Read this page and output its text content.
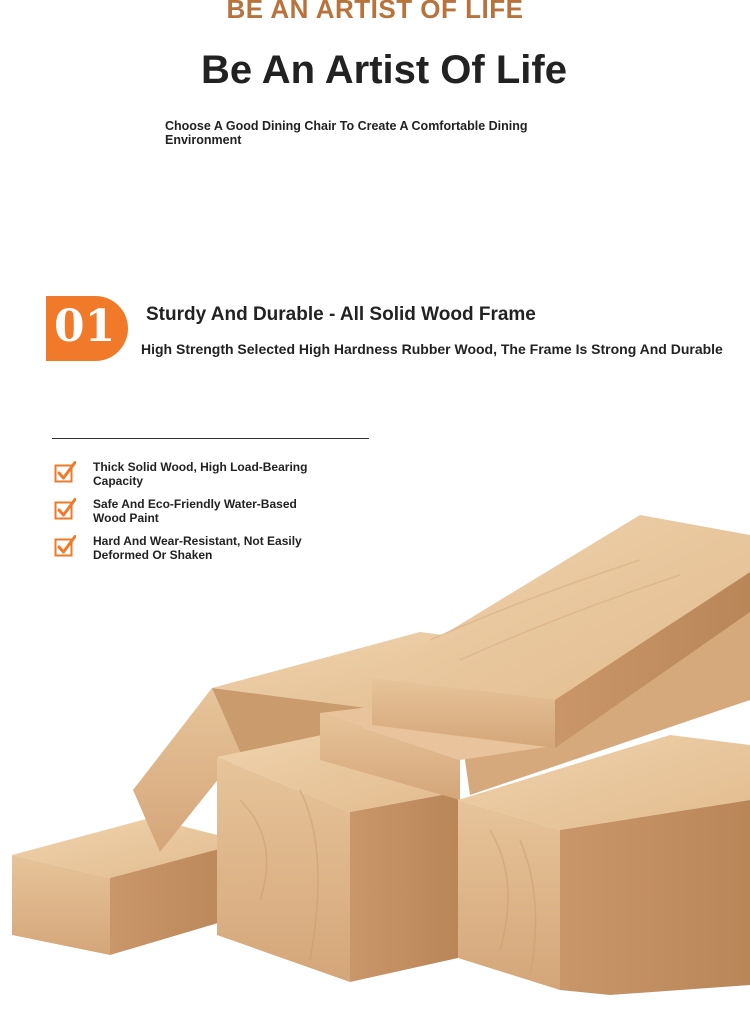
BE AN ARTIST OF LIFE
Be An Artist Of Life
Choose A Good Dining Chair To Create A Comfortable Dining Environment
01 Sturdy And Durable - All Solid Wood Frame
High Strength Selected High Hardness Rubber Wood, The Frame Is Strong And Durable
Thick Solid Wood, High Load-Bearing Capacity
Safe And Eco-Friendly Water-Based Wood Paint
Hard And Wear-Resistant, Not Easily Deformed Or Shaken
